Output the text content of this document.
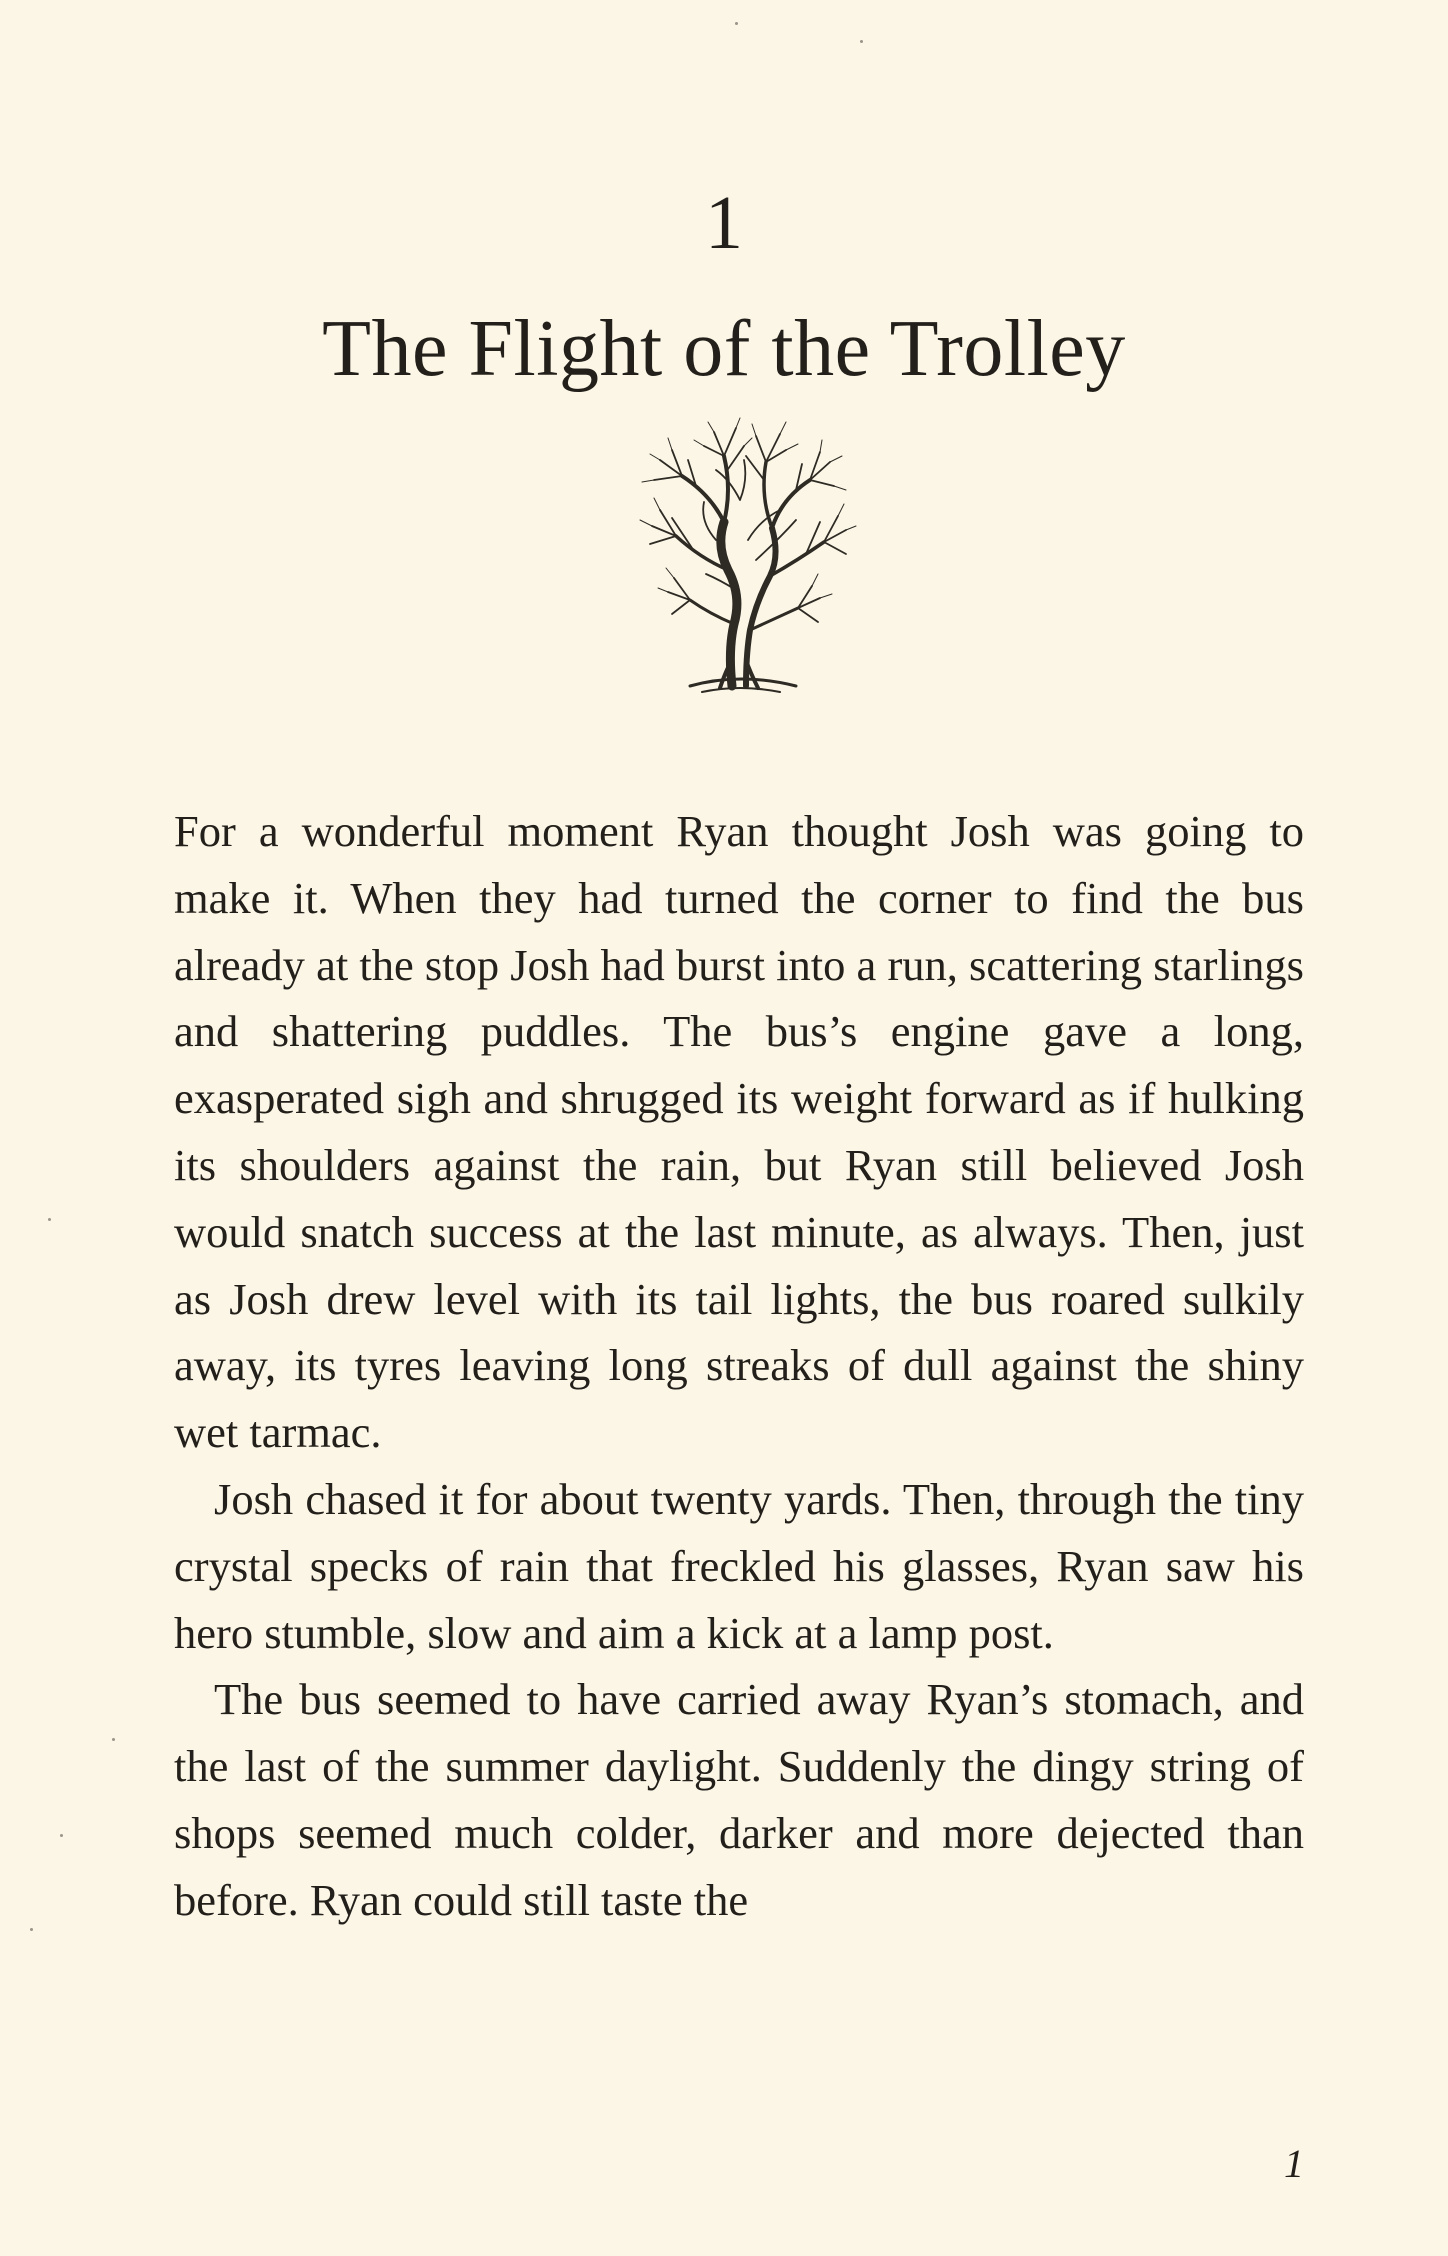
1
The Flight of the Trolley

For a wonderful moment Ryan thought Josh was going to make it. When they had turned the corner to find the bus already at the stop Josh had burst into a run, scattering starlings and shattering puddles. The bus’s engine gave a long, exasperated sigh and shrugged its weight forward as if hulking its shoulders against the rain, but Ryan still believed Josh would snatch success at the last minute, as always. Then, just as Josh drew level with its tail lights, the bus roared sulkily away, its tyres leaving long streaks of dull against the shiny wet tarmac.

Josh chased it for about twenty yards. Then, through the tiny crystal specks of rain that freckled his glasses, Ryan saw his hero stumble, slow and aim a kick at a lamp post.

The bus seemed to have carried away Ryan’s stomach, and the last of the summer daylight. Suddenly the dingy string of shops seemed much colder, darker and more dejected than before. Ryan could still taste the

1
